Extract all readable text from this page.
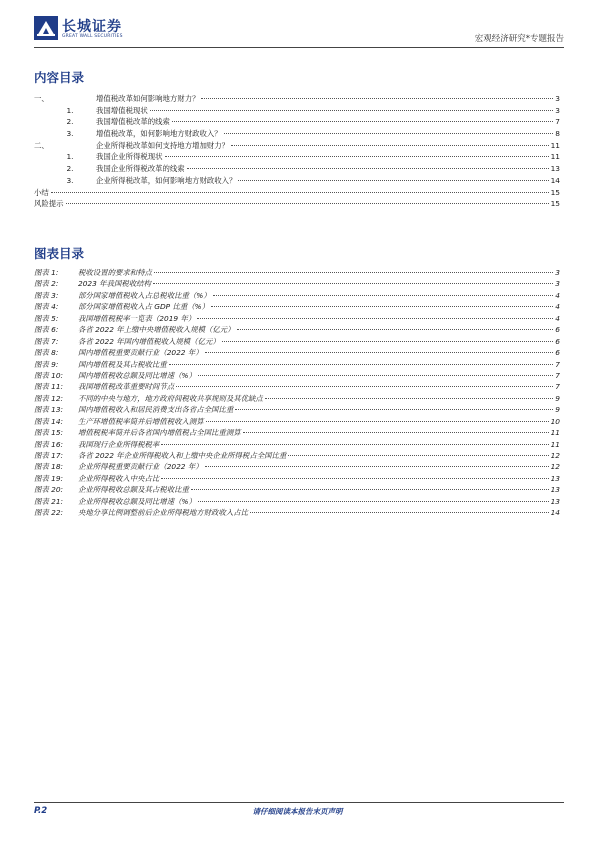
长城证券
GREAT WALL SECURITIES	宏观经济研究*专题报告
内容目录
一、	增值税改革如何影响地方财力？	3
1.	我国增值税现状	3
2.	我国增值税改革的线索	7
3.	增值税改革，如何影响地方财政收入？	8
二、	企业所得税改革如何支持地方增加财力？	11
1.	我国企业所得税现状	11
2.	我国企业所得税改革的线索	13
3.	企业所得税改革，如何影响地方财政收入？	14
小结	15
风险提示	15
图表目录
图表 1:	税收设置的要求和特点	3
图表 2:	2023 年我国税收结构	3
图表 3:	部分国家增值税收入占总税收比重（%）	4
图表 4:	部分国家增值税收入占 GDP 比重（%）	4
图表 5:	我国增值税税率一览表（2019 年）	4
图表 6:	各省 2022 年上缴中央增值税收入规模（亿元）	6
图表 7:	各省 2022 年国内增值税收入规模（亿元）	6
图表 8:	国内增值税重要贡献行业（2022 年）	6
图表 9:	国内增值税及其占税收比重	7
图表 10:	国内增值税收总额及同比增速（%）	7
图表 11:	我国增值税改革重要时间节点	7
图表 12:	不同的中央与地方，地方政府间税收共享规则及其优缺点	9
图表 13:	国内增值税收入和居民消费支出各省占全国比重	9
图表 14:	生产环增值税率简并后增值税收入测算	10
图表 15:	增值税税率简并后各省国内增值税占全国比重测算	11
图表 16:	我国现行企业所得税税率	11
图表 17:	各省 2022 年企业所得税收入和上缴中央企业所得税占全国比重	12
图表 18:	企业所得税重要贡献行业（2022 年）	12
图表 19:	企业所得税收入中央占比	13
图表 20:	企业所得税收总额及其占税收比重	13
图表 21:	企业所得税收总额及同比增速（%）	13
图表 22:	央地分享比例调整前后企业所得税地方财政收入占比	14
P.2	请仔细阅读本报告末页声明
